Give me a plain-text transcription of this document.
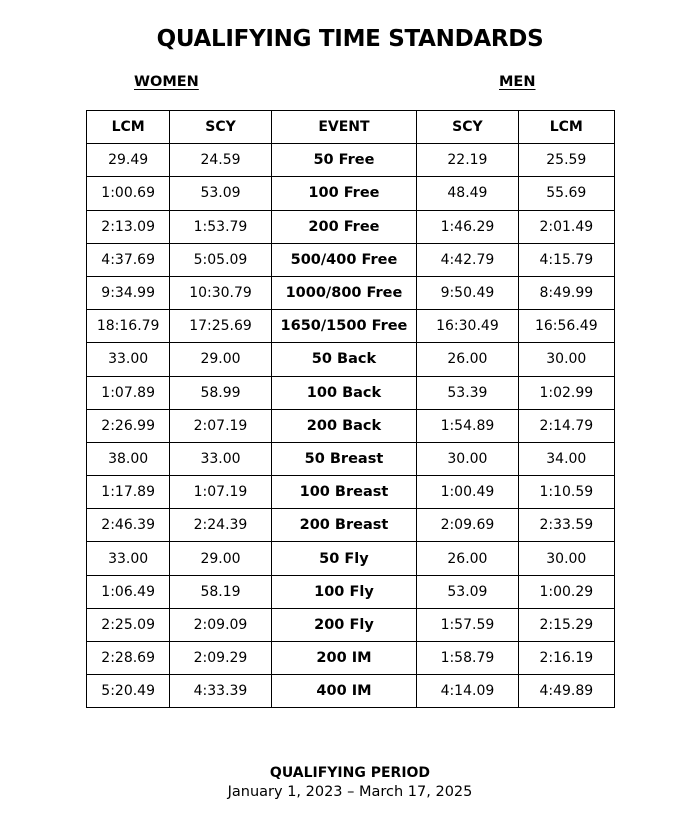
QUALIFYING TIME STANDARDS
WOMEN	MEN
LCM	SCY	EVENT	SCY	LCM
29.49	24.59	50 Free	22.19	25.59
1:00.69	53.09	100 Free	48.49	55.69
2:13.09	1:53.79	200 Free	1:46.29	2:01.49
4:37.69	5:05.09	500/400 Free	4:42.79	4:15.79
9:34.99	10:30.79	1000/800 Free	9:50.49	8:49.99
18:16.79	17:25.69	1650/1500 Free	16:30.49	16:56.49
33.00	29.00	50 Back	26.00	30.00
1:07.89	58.99	100 Back	53.39	1:02.99
2:26.99	2:07.19	200 Back	1:54.89	2:14.79
38.00	33.00	50 Breast	30.00	34.00
1:17.89	1:07.19	100 Breast	1:00.49	1:10.59
2:46.39	2:24.39	200 Breast	2:09.69	2:33.59
33.00	29.00	50 Fly	26.00	30.00
1:06.49	58.19	100 Fly	53.09	1:00.29
2:25.09	2:09.09	200 Fly	1:57.59	2:15.29
2:28.69	2:09.29	200 IM	1:58.79	2:16.19
5:20.49	4:33.39	400 IM	4:14.09	4:49.89
QUALIFYING PERIOD
January 1, 2023 – March 17, 2025
